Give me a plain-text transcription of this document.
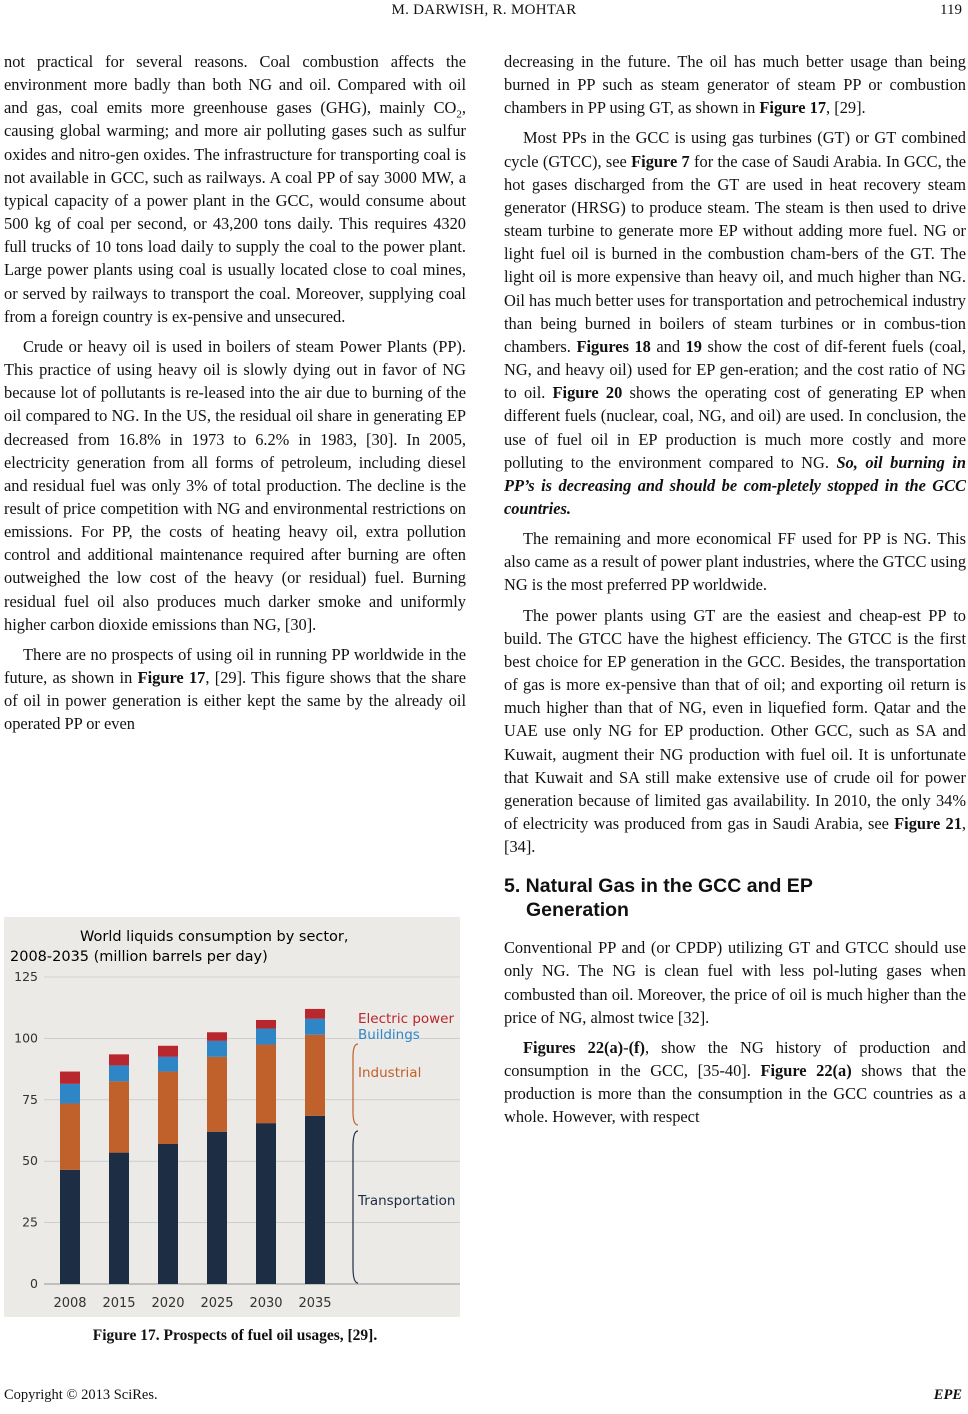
M. DARWISH, R. MOHTAR	119

not practical for several reasons. Coal combustion affects the environment more badly than both NG and oil. Compared with oil and gas, coal emits more greenhouse gases (GHG), mainly $CO_2$, causing global warming; and more air polluting gases such as sulfur oxides and nitro-gen oxides. The infrastructure for transporting coal is not available in GCC, such as railways. A coal PP of say 3000 MW, a typical capacity of a power plant in the GCC, would consume about 500 kg of coal per second, or 43,200 tons daily. This requires 4320 full trucks of 10 tons load daily to supply the coal to the power plant. Large power plants using coal is usually located close to coal mines, or served by railways to transport the coal. Moreover, supplying coal from a foreign country is ex-pensive and unsecured.

Crude or heavy oil is used in boilers of steam Power Plants (PP). This practice of using heavy oil is slowly dying out in favor of NG because lot of pollutants is re-leased into the air due to burning of the oil compared to NG. In the US, the residual oil share in generating EP decreased from 16.8% in 1973 to 6.2% in 1983, [30]. In 2005, electricity generation from all forms of petroleum, including diesel and residual fuel was only 3% of total production. The decline is the result of price competition with NG and environmental restrictions on emissions. For PP, the costs of heating heavy oil, extra pollution control and additional maintenance required after burning are often outweighed the low cost of the heavy (or residual) fuel. Burning residual fuel oil also produces much darker smoke and uniformly higher carbon dioxide emissions than NG, [30].

There are no prospects of using oil in running PP worldwide in the future, as shown in Figure 17, [29]. This figure shows that the share of oil in power generation is either kept the same by the already oil operated PP or even

World liquids consumption by sector,
2008-2035 (million barrels per day)
0
25
50
75
100
125
2008 2015 2020 2025 2030 2035
Electric power
Buildings
Industrial
Transportation
Figure 17. Prospects of fuel oil usages, [29].

decreasing in the future. The oil has much better usage than being burned in PP such as steam generator of steam PP or combustion chambers in PP using GT, as shown in Figure 17, [29].

Most PPs in the GCC is using gas turbines (GT) or GT combined cycle (GTCC), see Figure 7 for the case of Saudi Arabia. In GCC, the hot gases discharged from the GT are used in heat recovery steam generator (HRSG) to produce steam. The steam is then used to drive steam turbine to generate more EP without adding more fuel. NG or light fuel oil is burned in the combustion cham-bers of the GT. The light oil is more expensive than heavy oil, and much higher than NG. Oil has much better uses for transportation and petrochemical industry than being burned in boilers of steam turbines or in combus-tion chambers. Figures 18 and 19 show the cost of dif-ferent fuels (coal, NG, and heavy oil) used for EP gen-eration; and the cost ratio of NG to oil. Figure 20 shows the operating cost of generating EP when different fuels (nuclear, coal, NG, and oil) are used. In conclusion, the use of fuel oil in EP production is much more costly and more polluting to the environment compared to NG. So, oil burning in PP’s is decreasing and should be com-pletely stopped in the GCC countries.

The remaining and more economical FF used for PP is NG. This also came as a result of power plant industries, where the GTCC using NG is the most preferred PP worldwide.

The power plants using GT are the easiest and cheap-est PP to build. The GTCC have the highest efficiency. The GTCC is the first best choice for EP generation in the GCC. Besides, the transportation of gas is more ex-pensive than that of oil; and exporting oil return is much higher than that of NG, even in liquefied form. Qatar and the UAE use only NG for EP production. Other GCC, such as SA and Kuwait, augment their NG production with fuel oil. It is unfortunate that Kuwait and SA still make extensive use of crude oil for power generation because of limited gas availability. In 2010, the only 34% of electricity was produced from gas in Saudi Arabia, see Figure 21, [34].

5. Natural Gas in the GCC and EP
Generation

Conventional PP and (or CPDP) utilizing GT and GTCC should use only NG. The NG is clean fuel with less pol-luting gases when combusted than oil. Moreover, the price of oil is much higher than the price of NG, almost twice [32].

Figures 22(a)-(f), show the NG history of production and consumption in the GCC, [35-40]. Figure 22(a) shows that the production is more than the consumption in the GCC countries as a whole. However, with respect

Copyright © 2013 SciRes.	EPE
